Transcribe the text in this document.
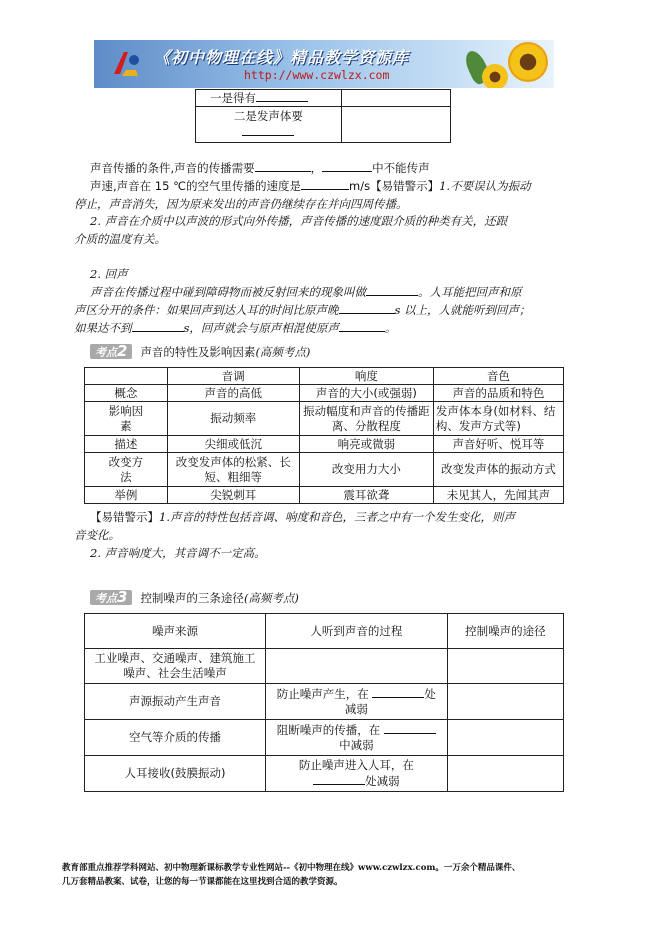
《初中物理在线》精品教学资源库
http://www.czwlzx.com
一是得有	

二是发声体要	

声音传播的条件,声音的传播需要	，	中不能传声
声速,声音在 15 ℃的空气里传播的速度是	m/s【易错警示】1.不要误认为振动
停止，声音消失，因为原来发出的声音仍继续存在并向四周传播。
2. 声音在介质中以声波的形式向外传播，声音传播的速度跟介质的种类有关，还跟
介质的温度有关。
2. 回声
声音在传播过程中碰到障碍物而被反射回来的现象叫做	。人耳能把回声和原
声区分开的条件：如果回声到达人耳的时间比原声晚	s 以上，人就能听到回声；
如果达不到	s，回声就会与原声相混使原声	。
考点2 声音的特性及影响因素(高频考点)
	音调	响度	音色
概念	声音的高低	声音的大小(或强弱)	声音的品质和特色
影响因素	振动频率	振动幅度和声音的传播距离、分散程度	发声体本身(如材料、结构、发声方式等)
描述	尖细或低沉	响亮或微弱	声音好听、悦耳等
改变方法	改变发声体的松紧、长短、粗细等	改变用力大小	改变发声体的振动方式
举例	尖锐刺耳	震耳欲聋	未见其人，先闻其声
【易错警示】1.声音的特性包括音调、响度和音色，三者之中有一个发生变化，则声
音变化。
2. 声音响度大，其音调不一定高。
考点3 控制噪声的三条途径(高频考点)
噪声来源	人听到声音的过程	控制噪声的途径
工业噪声、交通噪声、建筑施工噪声、社会生活噪声		
声源振动产生声音	防止噪声产生，在 处
减弱	

空气等介质的传播	阻断噪声的传播，在
中减弱	

人耳接收(鼓膜振动)	防止噪声进入人耳，在
处减弱	

教育部重点推荐学科网站、初中物理新课标教学专业性网站--《初中物理在线》www.czwlzx.com。一万余个精品课件、
几万套精品教案、试卷，让您的每一节课都能在这里找到合适的教学资源。
